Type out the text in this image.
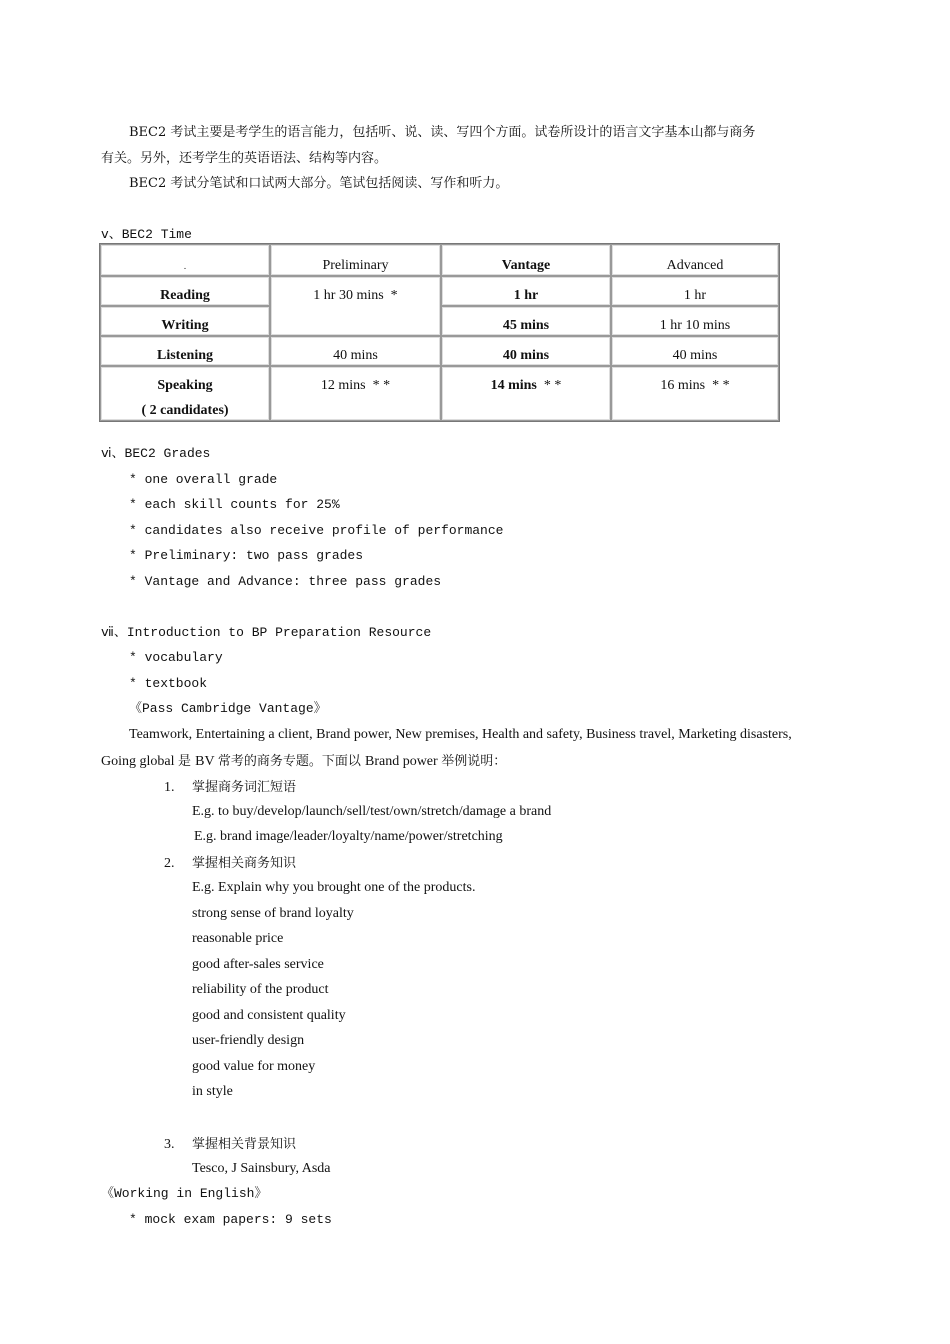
BEC2 考试主要是考学生的语言能力，包括听、说、读、写四个方面。试卷所设计的语言文字基本山都与商务
有关。另外，还考学生的英语语法、结构等内容。
BEC2 考试分笔试和口试两大部分。笔试包括阅读、写作和听力。
ⅴ、BEC2 Time
.	Preliminary	Vantage	Advanced

Reading	1 hr 30 mins  *	1 hr	1 hr

Writing		45 mins	1 hr 10 mins

Listening	40 mins	40 mins	40 mins

Speaking
( 2 candidates)	12 mins  * *	14 mins  * *	16 mins  * *
ⅵ、BEC2 Grades
* one overall grade
* each skill counts for 25%
* candidates also receive profile of performance
* Preliminary: two pass grades
* Vantage and Advance: three pass grades
ⅶ、Introduction to BP Preparation Resource
* vocabulary
* textbook
《Pass Cambridge Vantage》
Teamwork, Entertaining a client, Brand power, New premises, Health and safety, Business travel, Marketing disasters,
Going global 是 BV 常考的商务专题。下面以 Brand power 举例说明：
1. 掌握商务词汇短语
E.g. to buy/develop/launch/sell/test/own/stretch/damage a brand
E.g. brand image/leader/loyalty/name/power/stretching
2. 掌握相关商务知识
E.g. Explain why you brought one of the products.
strong sense of brand loyalty
reasonable price
good after-sales service
reliability of the product
good and consistent quality
user-friendly design
good value for money
in style
3. 掌握相关背景知识
Tesco, J Sainsbury, Asda
《Working in English》
* mock exam papers: 9 sets
